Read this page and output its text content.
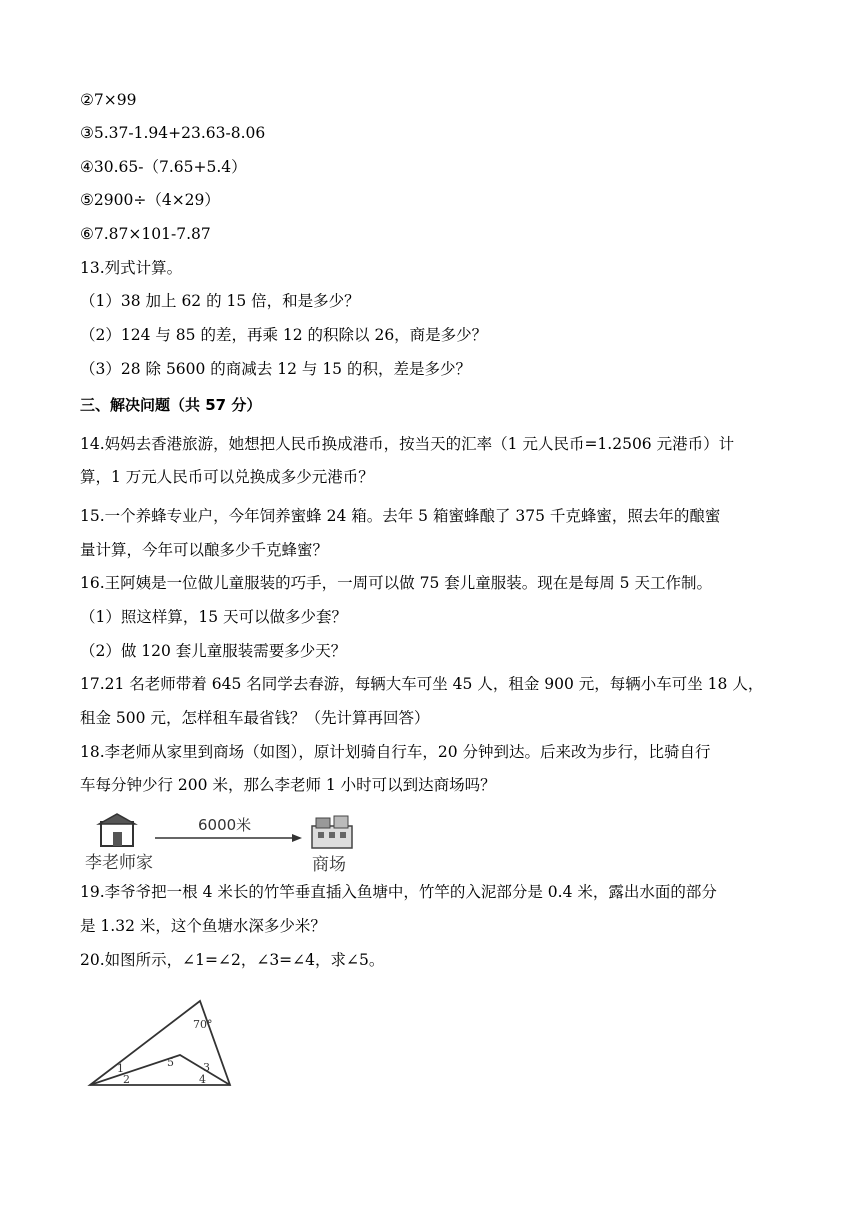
②7×99
③5.37-1.94+23.63-8.06
④30.65-（7.65+5.4）
⑤2900÷（4×29）
⑥7.87×101-7.87
13.列式计算。
（1）38 加上 62 的 15 倍，和是多少？
（2）124 与 85 的差，再乘 12 的积除以 26，商是多少？
（3）28 除 5600 的商减去 12 与 15 的积，差是多少？
三、解决问题（共 57 分）
14.妈妈去香港旅游，她想把人民币换成港币，按当天的汇率（1 元人民币=1.2506 元港币）计
算，1 万元人民币可以兑换成多少元港币？
15.一个养蜂专业户，今年饲养蜜蜂 24 箱。去年 5 箱蜜蜂酿了 375 千克蜂蜜，照去年的酿蜜
量计算，今年可以酿多少千克蜂蜜？
16.王阿姨是一位做儿童服装的巧手，一周可以做 75 套儿童服装。现在是每周 5 天工作制。
（1）照这样算，15 天可以做多少套？
（2）做 120 套儿童服装需要多少天？
17.21 名老师带着 645 名同学去春游，每辆大车可坐 45 人，租金 900 元，每辆小车可坐 18 人，
租金 500 元，怎样租车最省钱？（先计算再回答）
18.李老师从家里到商场（如图），原计划骑自行车，20 分钟到达。后来改为步行，比骑自行
车每分钟少行 200 米，那么李老师 1 小时可以到达商场吗？
6000米
李老师家	商场
19.李爷爷把一根 4 米长的竹竿垂直插入鱼塘中，竹竿的入泥部分是 0.4 米，露出水面的部分
是 1.32 米，这个鱼塘水深多少米？
20.如图所示，∠1=∠2，∠3=∠4，求∠5。
70°
1
2
5	3
4
